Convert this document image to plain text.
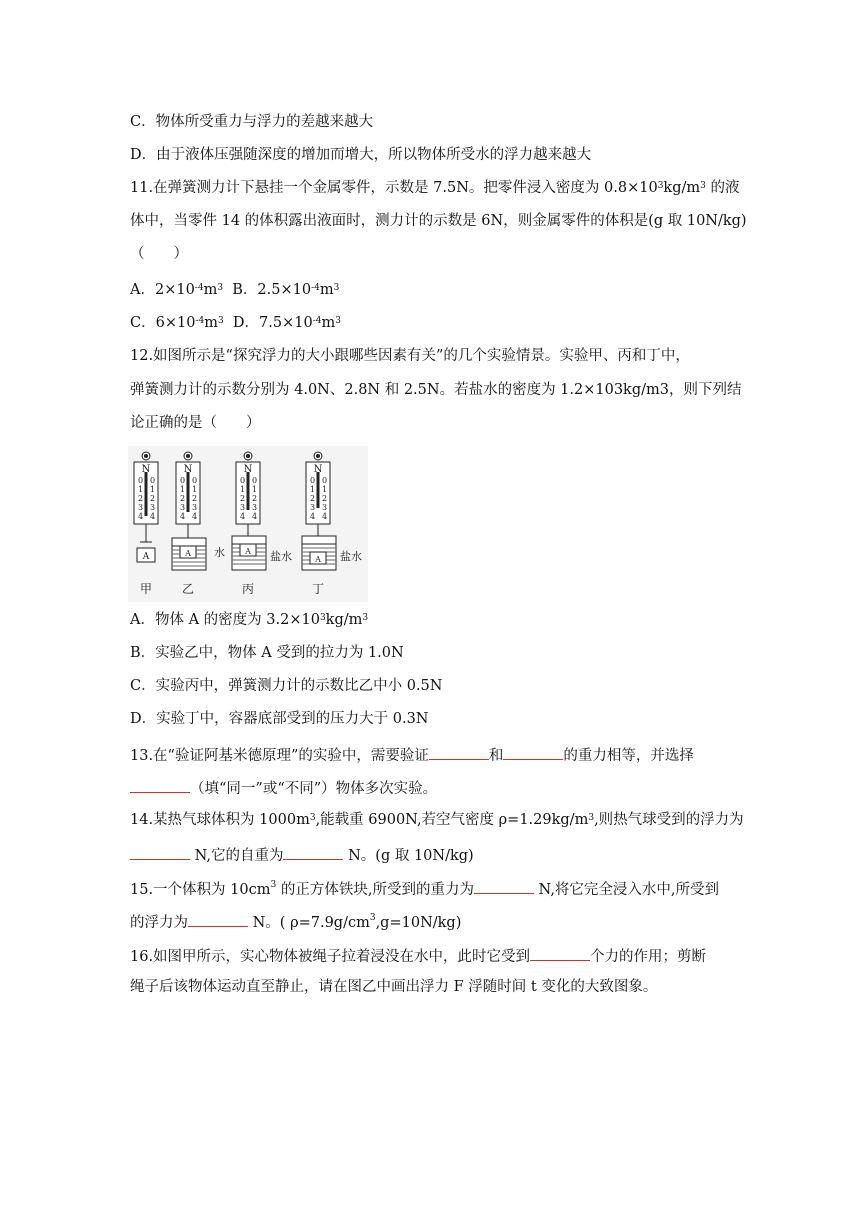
C．物体所受重力与浮力的差越来越大
D．由于液体压强随深度的增加而增大，所以物体所受水的浮力越来越大
11.在弹簧测力计下悬挂一个金属零件，示数是 7.5N。把零件浸入密度为 $0.8\times 10^3kg/m^3$ 的液
体中，当零件 14 的体积露出液面时，测力计的示数是 6N，则金属零件的体积是(g 取 10N/kg)
（　　）
A．$2\times 10^{-4}m^3$ B．$2.5\times 10^{-4}m^3$
C．$6\times 10^{-4}m^3$ D．$7.5\times 10^{-4}m^3$
12.如图所示是“探究浮力的大小跟哪些因素有关”的几个实验情景。实验甲、丙和丁中，
弹簧测力计的示数分别为 4.0N、2.8N 和 2.5N。若盐水的密度为 1.2×103kg/m3，则下列结
论正确的是（　　）
N
0
1
2
3
4
0
1
2
3
4
A
甲
N
0
1
2
3
4
0
1
2
3
4
A 水
乙
N
0
1
2
3
4
0
1
2
3
4
A 盐水
丙
N
0
1
2
3
4
0
1
2
3
4
A 盐水
丁
A．物体 A 的密度为 $3.2\times 10^3kg/m^3$
B．实验乙中，物体 A 受到的拉力为 1.0N
C．实验丙中，弹簧测力计的示数比乙中小 0.5N
D．实验丁中，容器底部受到的压力大于 0.3N
13.在“验证阿基米德原理”的实验中，需要验证	和	的重力相等，并选择
（填“同一”或“不同”）物体多次实验。
14.某热气球体积为 $1000m^3$,能载重 6900N,若空气密度 $\rho=1.29kg/m^3$,则热气球受到的浮力为
N,它的自重为	N。(g 取 10N/kg)
15.一个体积为 $10cm^3$ 的正方体铁块,所受到的重力为	N,将它完全浸入水中,所受到
的浮力为	N。( $\rho=7.9g/cm^3,g=10N/kg$)
16.如图甲所示，实心物体被绳子拉着浸没在水中，此时它受到	个力的作用；剪断
绳子后该物体运动直至静止，请在图乙中画出浮力 F 浮随时间 t 变化的大致图象。
